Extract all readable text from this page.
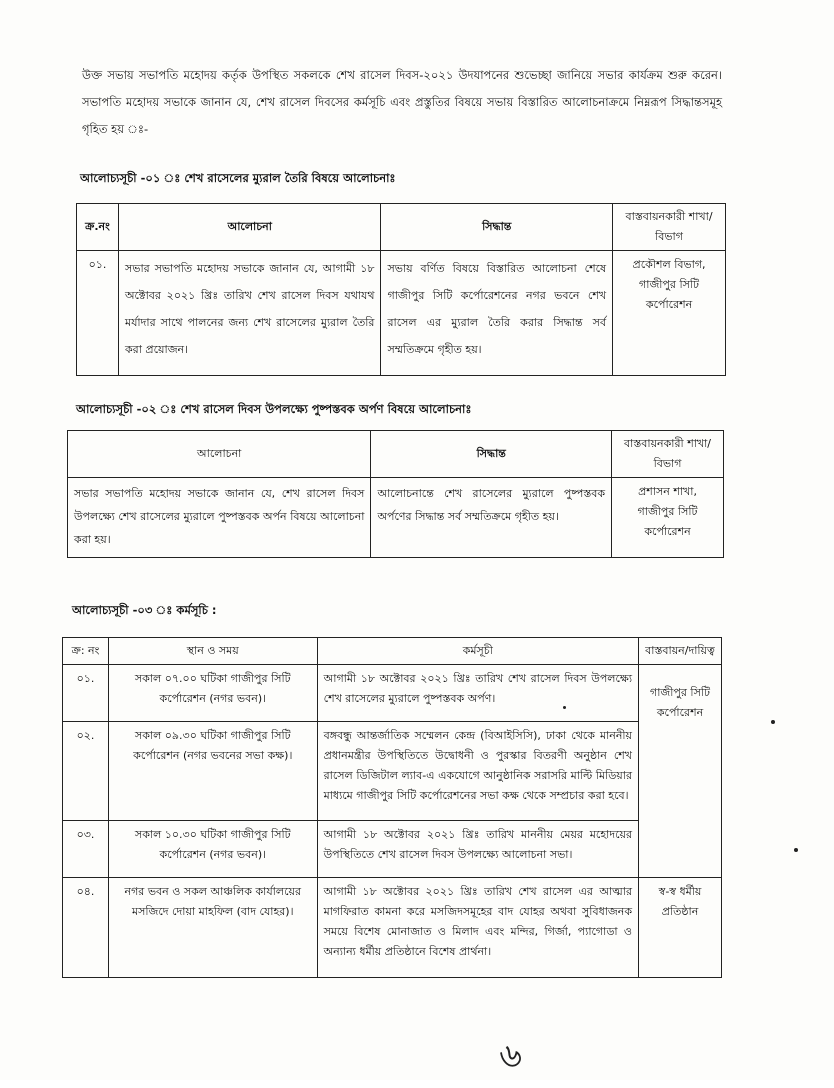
উক্ত সভায় সভাপতি মহোদয় কর্তৃক উপস্থিত সকলকে শেখ রাসেল দিবস-২০২১ উদযাপনের শুভেচ্ছা জানিয়ে সভার কার্যক্রম শুরু করেন। সভাপতি মহোদয় সভাকে জানান যে, শেখ রাসেল দিবসের কর্মসূচি এবং প্রস্তুতির বিষয়ে সভায় বিস্তারিত আলোচনাক্রমে নিম্নরূপ সিদ্ধান্তসমূহ গৃহিত হয় ঃ-
আলোচ্যসূচী -০১ ঃ শেখ রাসেলের ম্যুরাল তৈরি বিষয়ে আলোচনাঃ
ক্র.নং	আলোচনা	সিদ্ধান্ত	বাস্তবায়নকারী শাখা/বিভাগ
০১.	সভার সভাপতি মহোদয় সভাকে জানান যে, আগামী ১৮ অক্টোবর ২০২১ খ্রিঃ তারিখ শেখ রাসেল দিবস যথাযথ মর্যাদার সাথে পালনের জন্য শেখ রাসেলের ম্যুরাল তৈরি করা প্রয়োজন।	সভায় বর্ণিত বিষয়ে বিস্তারিত আলোচনা শেষে গাজীপুর সিটি কর্পোরেশনের নগর ভবনে শেখ রাসেল এর ম্যুরাল তৈরি করার সিদ্ধান্ত সর্ব সম্মতিক্রমে গৃহীত হয়।	প্রকৌশল বিভাগ, গাজীপুর সিটি কর্পোরেশন
আলোচ্যসূচী -০২ ঃ শেখ রাসেল দিবস উপলক্ষ্যে পুষ্পস্তবক অর্পণ বিষয়ে আলোচনাঃ
আলোচনা	সিদ্ধান্ত	বাস্তবায়নকারী শাখা/বিভাগ
সভার সভাপতি মহোদয় সভাকে জানান যে, শেখ রাসেল দিবস উপলক্ষ্যে শেখ রাসেলের ম্যুরালে পুষ্পস্তবক অর্পন বিষয়ে আলোচনা করা হয়।	আলোচনান্তে শেখ রাসেলের ম্যুরালে পুষ্পস্তবক অর্পণের সিদ্ধান্ত সর্ব সম্মতিক্রমে গৃহীত হয়।	প্রশাসন শাখা, গাজীপুর সিটি কর্পোরেশন
আলোচ্যসূচী -০৩ ঃ কর্মসূচি :
ক্র: নং	স্থান ও সময়	কর্মসূচী	বাস্তবায়ন/দায়িত্ব
০১.	সকাল ০৭.০০ ঘটিকা গাজীপুর সিটি কর্পোরেশন (নগর ভবন)।	আগামী ১৮ অক্টোবর ২০২১ খ্রিঃ তারিখ শেখ রাসেল দিবস উপলক্ষ্যে শেখ রাসেলের ম্যুরালে পুষ্পস্তবক অর্পণ।	গাজীপুর সিটি কর্পোরেশন
০২.	সকাল ০৯.৩০ ঘটিকা গাজীপুর সিটি কর্পোরেশন (নগর ভবনের সভা কক্ষ)।	বঙ্গবন্ধু আন্তর্জাতিক সম্মেলন কেন্দ্র (বিআইসিসি), ঢাকা থেকে মাননীয় প্রধানমন্ত্রীর উপস্থিতিতে উদ্বোধনী ও পুরস্কার বিতরণী অনুষ্ঠান শেখ রাসেল ডিজিটাল ল্যাব-এ একযোগে আনুষ্ঠানিক সরাসরি মাল্টি মিডিয়ার মাধ্যমে গাজীপুর সিটি কর্পোরেশনের সভা কক্ষ থেকে সম্প্রচার করা হবে।	
০৩.	সকাল ১০.৩০ ঘটিকা গাজীপুর সিটি কর্পোরেশন (নগর ভবন)।	আগামী ১৮ অক্টোবর ২০২১ খ্রিঃ তারিখ মাননীয় মেয়র মহোদয়ের উপস্থিতিতে শেখ রাসেল দিবস উপলক্ষ্যে আলোচনা সভা।	
০৪.	নগর ভবন ও সকল আঞ্চলিক কার্যালয়ের মসজিদে দোয়া মাহফিল (বাদ যোহর)।	আগামী ১৮ অক্টোবর ২০২১ খ্রিঃ তারিখ শেখ রাসেল এর আত্মার মাগফিরাত কামনা করে মসজিদসমূহের বাদ যোহর অথবা সুবিধাজনক সময়ে বিশেষ মোনাজাত ও মিলাদ এবং মন্দির, গির্জা, প্যাগোডা ও অন্যান্য ধর্মীয় প্রতিষ্ঠানে বিশেষ প্রার্থনা।	স্ব-স্ব ধর্মীয় প্রতিষ্ঠান
৬
